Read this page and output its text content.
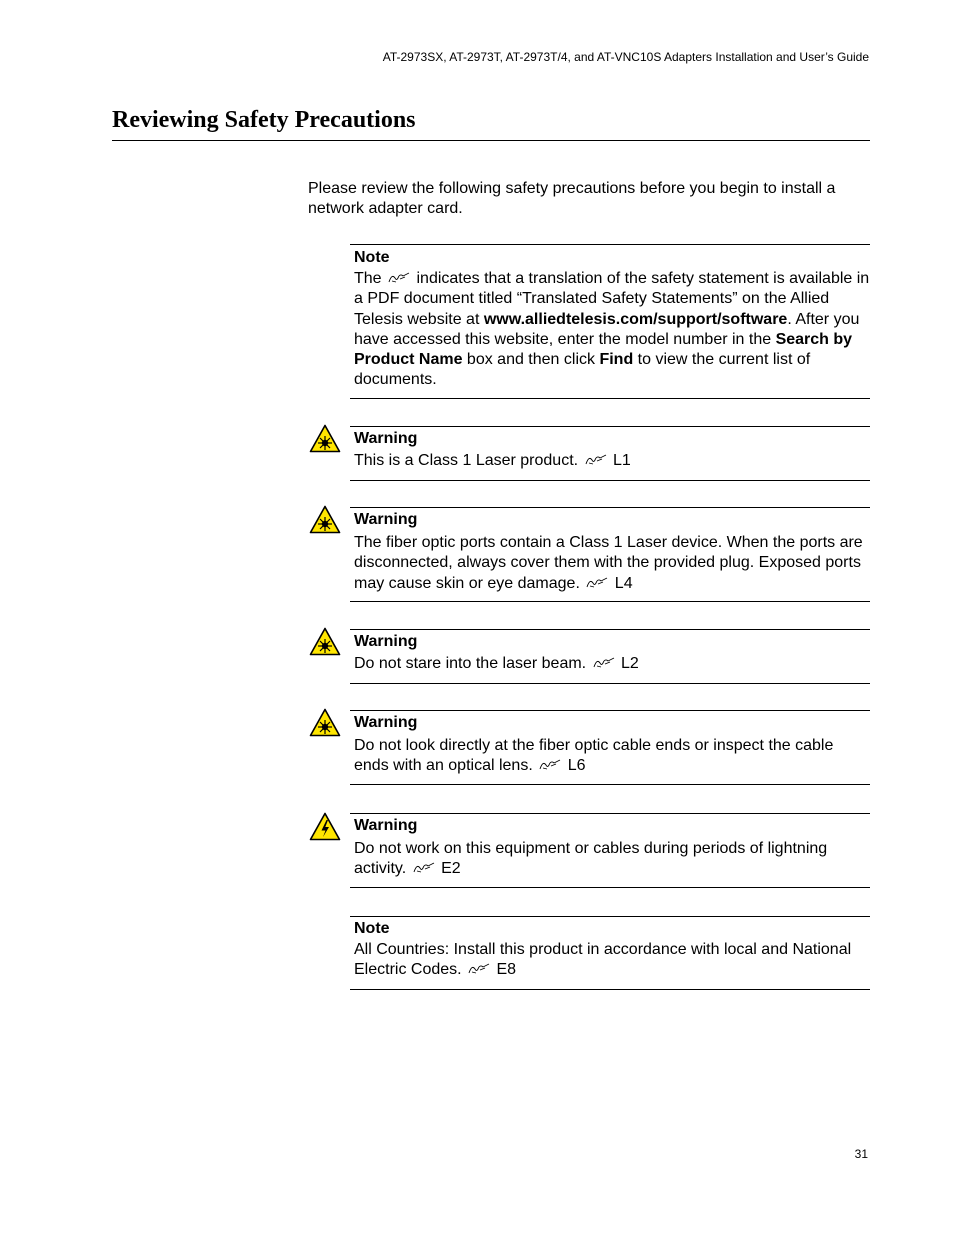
AT-2973SX, AT-2973T, AT-2973T/4, and AT-VNC10S Adapters Installation and User’s Guide
Reviewing Safety Precautions

Please review the following safety precautions before you begin to install a network adapter card.

Note
The indicates that a translation of the safety statement is available in a PDF document titled “Translated Safety Statements” on the Allied Telesis website at www.alliedtelesis.com/support/software. After you have accessed this website, enter the model number in the Search by Product Name box and then click Find to view the current list of documents.
Warning
This is a Class 1 Laser product. L1
Warning
The fiber optic ports contain a Class 1 Laser device. When the ports are disconnected, always cover them with the provided plug. Exposed ports may cause skin or eye damage. L4
Warning
Do not stare into the laser beam. L2
Warning
Do not look directly at the fiber optic cable ends or inspect the cable ends with an optical lens. L6
Warning
Do not work on this equipment or cables during periods of lightning activity. E2
Note
All Countries: Install this product in accordance with local and National Electric Codes. E8
31
